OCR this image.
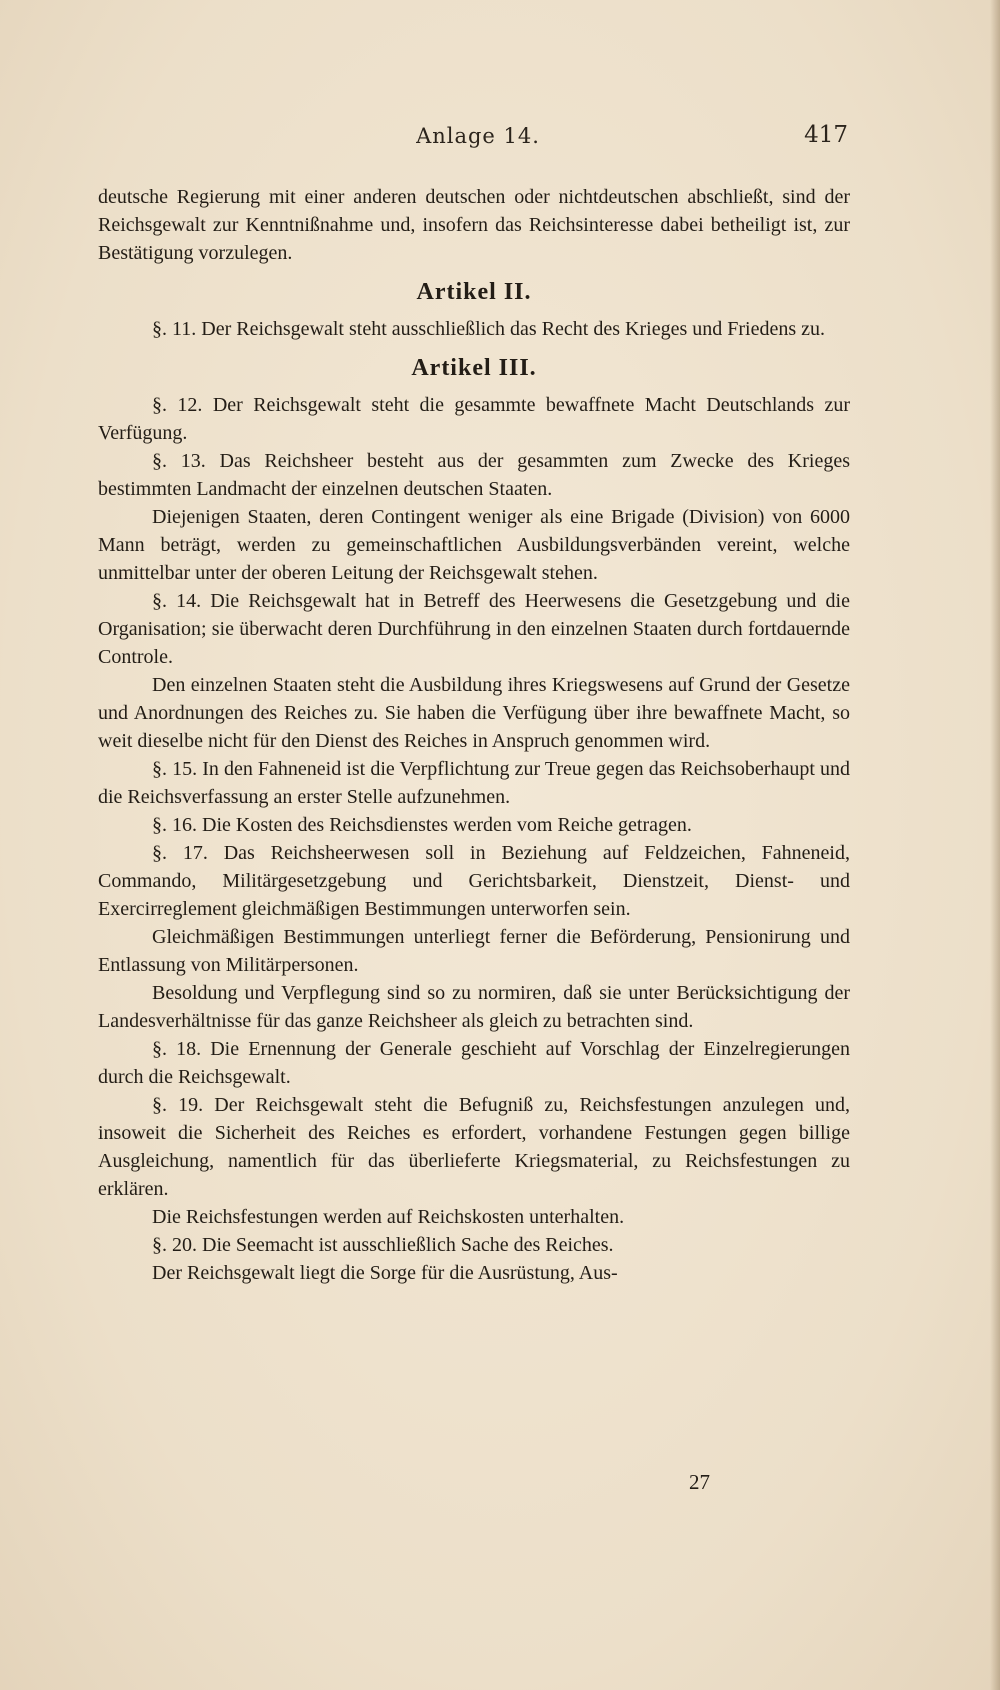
Anlage 14.	417

deutsche Regierung mit einer anderen deutschen oder nichtdeutschen abschließt, sind der Reichsgewalt zur Kenntnißnahme und, insofern das Reichsinteresse dabei betheiligt ist, zur Bestätigung vorzulegen.

Artikel II.

§. 11. Der Reichsgewalt steht ausschließlich das Recht des Krieges und Friedens zu.

Artikel III.

§. 12. Der Reichsgewalt steht die gesammte bewaffnete Macht Deutschlands zur Verfügung.

§. 13. Das Reichsheer besteht aus der gesammten zum Zwecke des Krieges bestimmten Landmacht der einzelnen deutschen Staaten.

Diejenigen Staaten, deren Contingent weniger als eine Brigade (Division) von 6000 Mann beträgt, werden zu gemeinschaftlichen Ausbildungsverbänden vereint, welche unmittelbar unter der oberen Leitung der Reichsgewalt stehen.

§. 14. Die Reichsgewalt hat in Betreff des Heerwesens die Gesetzgebung und die Organisation; sie überwacht deren Durchführung in den einzelnen Staaten durch fortdauernde Controle.

Den einzelnen Staaten steht die Ausbildung ihres Kriegswesens auf Grund der Gesetze und Anordnungen des Reiches zu. Sie haben die Verfügung über ihre bewaffnete Macht, so weit dieselbe nicht für den Dienst des Reiches in Anspruch genommen wird.

§. 15. In den Fahneneid ist die Verpflichtung zur Treue gegen das Reichsoberhaupt und die Reichsverfassung an erster Stelle aufzunehmen.

§. 16. Die Kosten des Reichsdienstes werden vom Reiche getragen.

§. 17. Das Reichsheerwesen soll in Beziehung auf Feldzeichen, Fahneneid, Commando, Militärgesetzgebung und Gerichtsbarkeit, Dienstzeit, Dienst- und Exercirreglement gleichmäßigen Bestimmungen unterworfen sein.

Gleichmäßigen Bestimmungen unterliegt ferner die Beförderung, Pensionirung und Entlassung von Militärpersonen.

Besoldung und Verpflegung sind so zu normiren, daß sie unter Berücksichtigung der Landesverhältnisse für das ganze Reichsheer als gleich zu betrachten sind.

§. 18. Die Ernennung der Generale geschieht auf Vorschlag der Einzelregierungen durch die Reichsgewalt.

§. 19. Der Reichsgewalt steht die Befugniß zu, Reichsfestungen anzulegen und, insoweit die Sicherheit des Reiches es erfordert, vorhandene Festungen gegen billige Ausgleichung, namentlich für das überlieferte Kriegsmaterial, zu Reichsfestungen zu erklären.

Die Reichsfestungen werden auf Reichskosten unterhalten.

§. 20. Die Seemacht ist ausschließlich Sache des Reiches.

Der Reichsgewalt liegt die Sorge für die Ausrüstung, Aus-

27
